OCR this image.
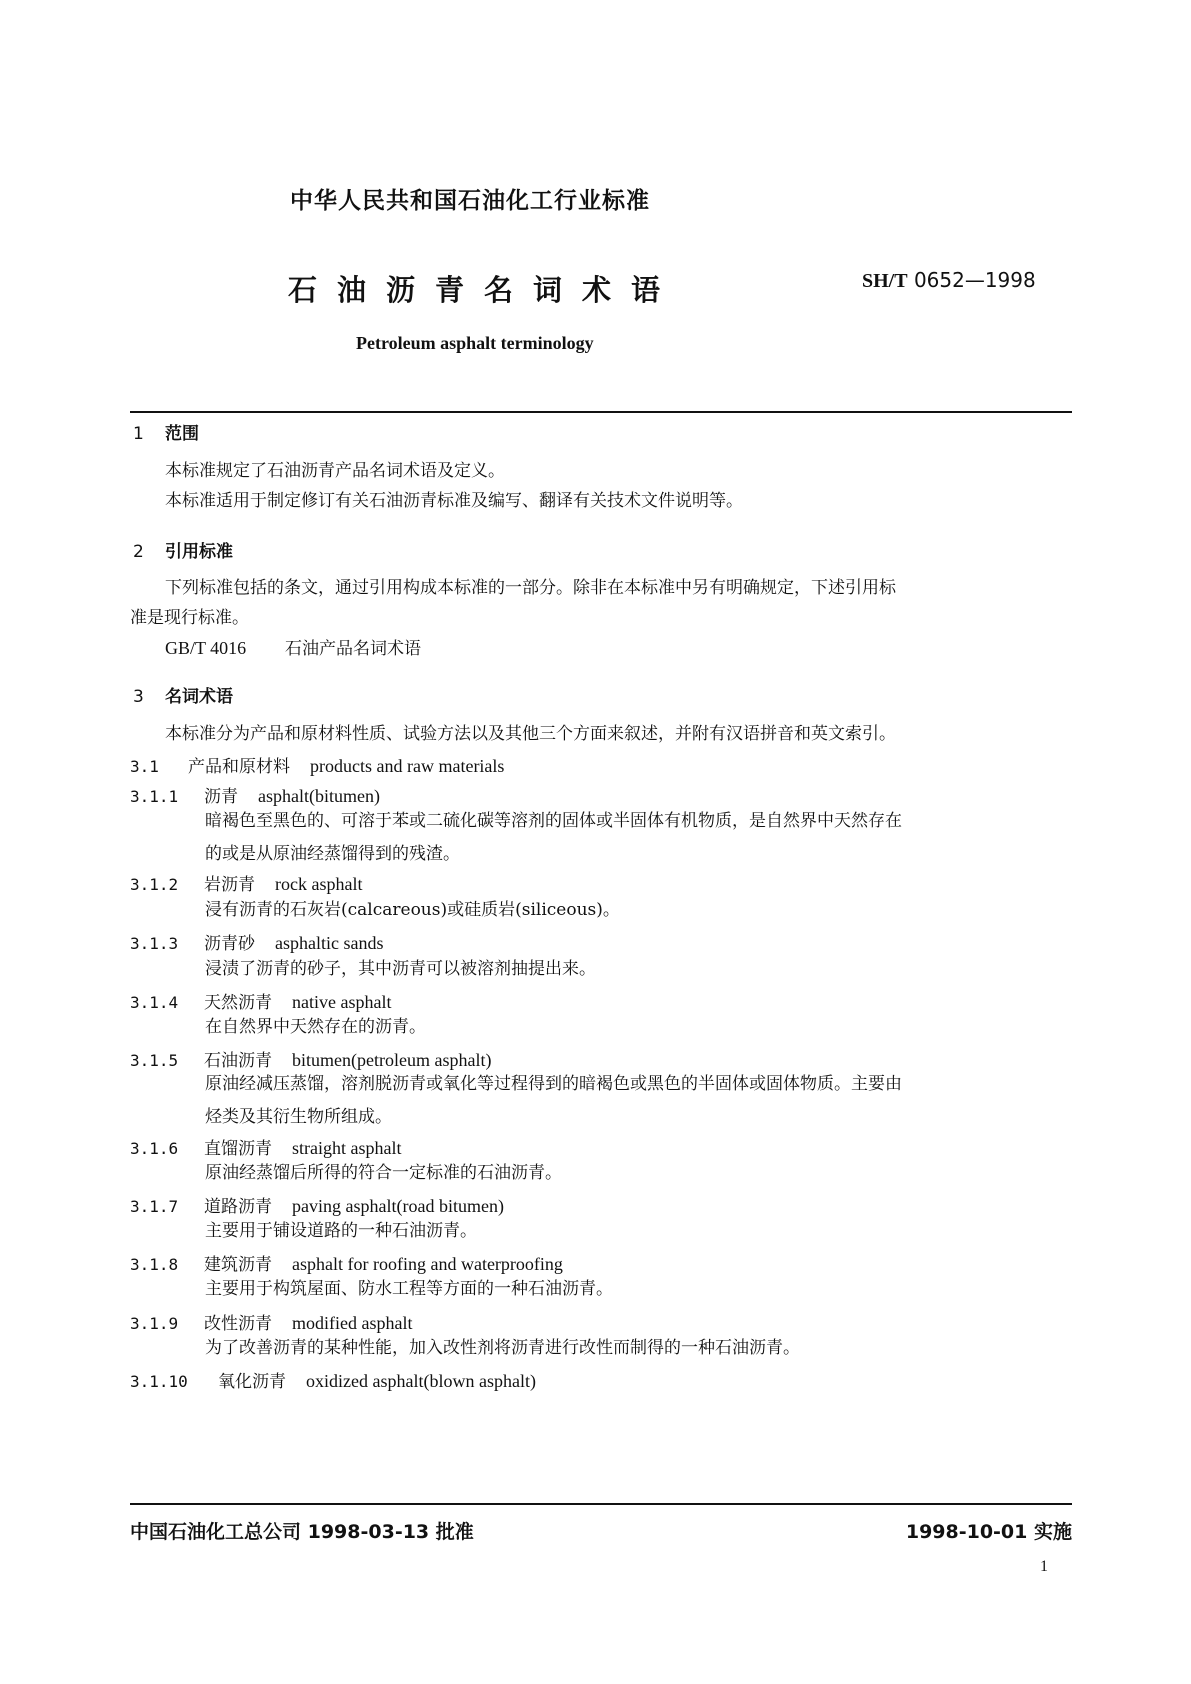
中华人民共和国石油化工行业标准
石油沥青名词术语	SH/T 0652—1998
Petroleum asphalt terminology
1 范围
本标准规定了石油沥青产品名词术语及定义。
本标准适用于制定修订有关石油沥青标准及编写、翻译有关技术文件说明等。
2 引用标准
下列标准包括的条文，通过引用构成本标准的一部分。除非在本标准中另有明确规定，下述引用标
准是现行标准。
GB/T 4016 石油产品名词术语
3 名词术语
本标准分为产品和原材料性质、试验方法以及其他三个方面来叙述，并附有汉语拼音和英文索引。
3.1 产品和原材料 products and raw materials
3.1.1 沥青 asphalt(bitumen)
暗褐色至黑色的、可溶于苯或二硫化碳等溶剂的固体或半固体有机物质，是自然界中天然存在
的或是从原油经蒸馏得到的残渣。
3.1.2 岩沥青 rock asphalt
浸有沥青的石灰岩(calcareous)或硅质岩(siliceous)。
3.1.3 沥青砂 asphaltic sands
浸渍了沥青的砂子，其中沥青可以被溶剂抽提出来。
3.1.4 天然沥青 native asphalt
在自然界中天然存在的沥青。
3.1.5 石油沥青 bitumen(petroleum asphalt)
原油经减压蒸馏，溶剂脱沥青或氧化等过程得到的暗褐色或黑色的半固体或固体物质。主要由
烃类及其衍生物所组成。
3.1.6 直馏沥青 straight asphalt
原油经蒸馏后所得的符合一定标准的石油沥青。
3.1.7 道路沥青 paving asphalt(road bitumen)
主要用于铺设道路的一种石油沥青。
3.1.8 建筑沥青 asphalt for roofing and waterproofing
主要用于构筑屋面、防水工程等方面的一种石油沥青。
3.1.9 改性沥青 modified asphalt
为了改善沥青的某种性能，加入改性剂将沥青进行改性而制得的一种石油沥青。
3.1.10 氧化沥青 oxidized asphalt(blown asphalt)
中国石油化工总公司 1998-03-13 批准	1998-10-01 实施
1
